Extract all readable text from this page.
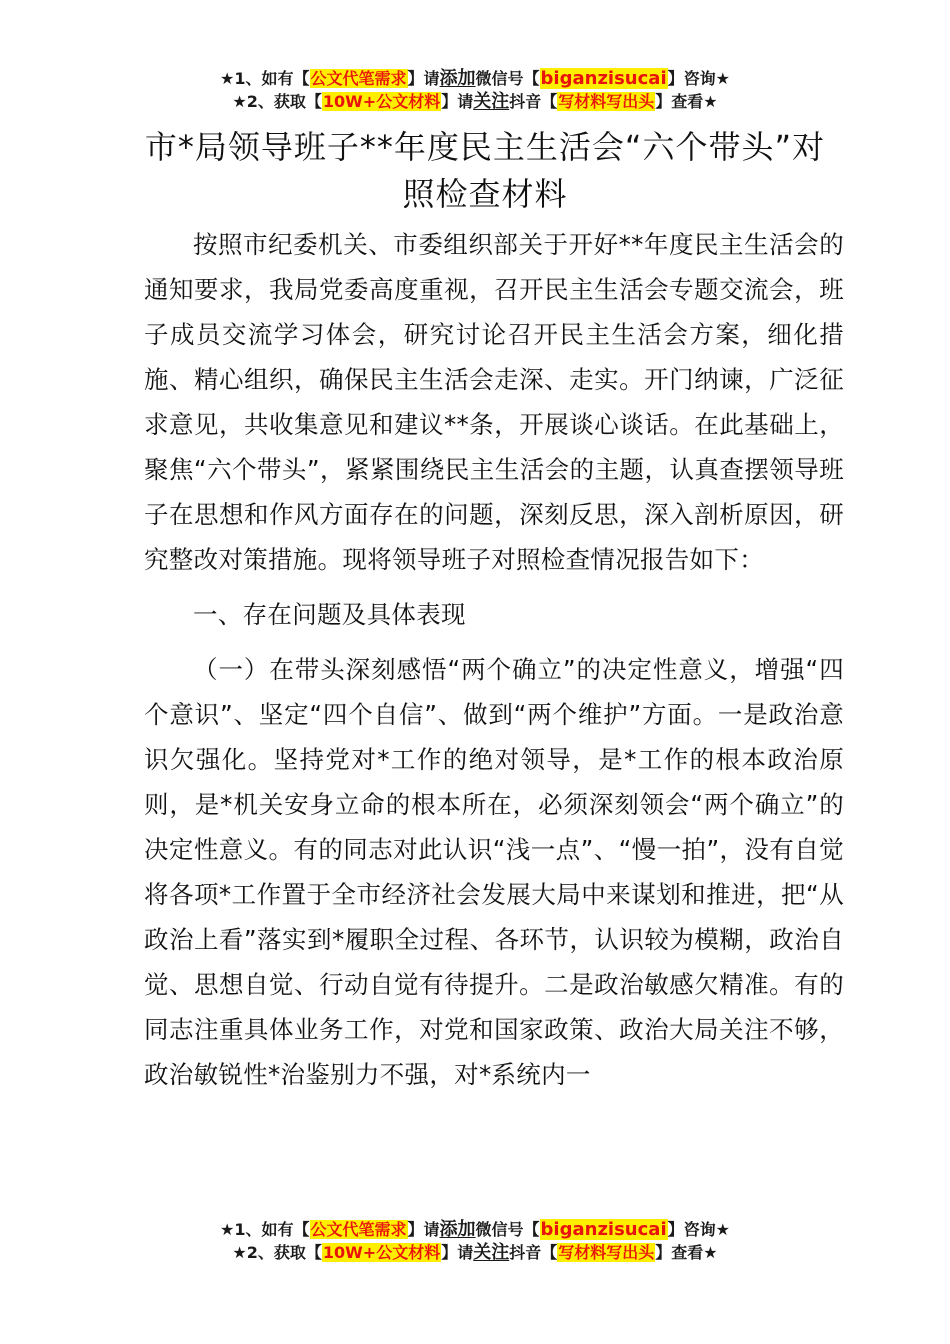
★1、如有【公文代笔需求】请添加微信号【biganzisucai】咨询★
★2、获取【10W+公文材料】请关注抖音【写材料写出头】查看★
市*局领导班子**年度民主生活会“六个带头”对照检查材料

按照市纪委机关、市委组织部关于开好**年度民主生活会的通知要求，我局党委高度重视，召开民主生活会专题交流会，班子成员交流学习体会，研究讨论召开民主生活会方案，细化措施、精心组织，确保民主生活会走深、走实。开门纳谏，广泛征求意见，共收集意见和建议**条，开展谈心谈话。在此基础上，聚焦“六个带头”，紧紧围绕民主生活会的主题，认真查摆领导班子在思想和作风方面存在的问题，深刻反思，深入剖析原因，研究整改对策措施。现将领导班子对照检查情况报告如下：

一、存在问题及具体表现

（一）在带头深刻感悟“两个确立”的决定性意义，增强“四个意识”、坚定“四个自信”、做到“两个维护”方面。一是政治意识欠强化。坚持党对*工作的绝对领导，是*工作的根本政治原则，是*机关安身立命的根本所在，必须深刻领会“两个确立”的决定性意义。有的同志对此认识“浅一点”、“慢一拍”，没有自觉将各项*工作置于全市经济社会发展大局中来谋划和推进，把“从政治上看”落实到*履职全过程、各环节，认识较为模糊，政治自觉、思想自觉、行动自觉有待提升。二是政治敏感欠精准。有的同志注重具体业务工作，对党和国家政策、政治大局关注不够，政治敏锐性*治鉴别力不强，对*系统内一

★1、如有【公文代笔需求】请添加微信号【biganzisucai】咨询★
★2、获取【10W+公文材料】请关注抖音【写材料写出头】查看★
